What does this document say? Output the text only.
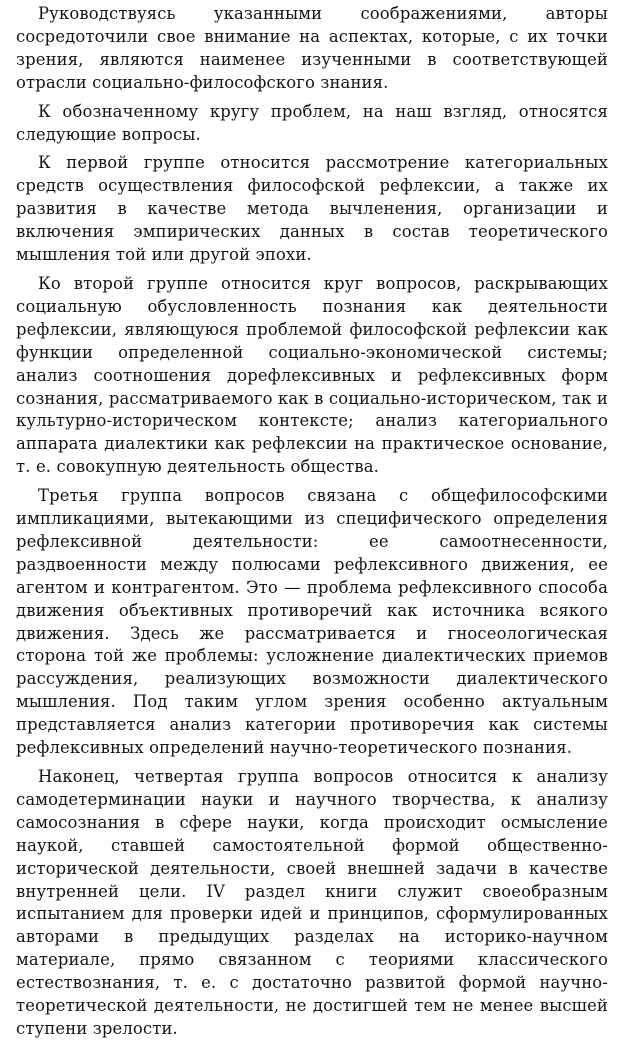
Руководствуясь указанными соображениями, авторы сосредоточили свое внимание на аспектах, которые, с их точки зрения, являются наименее изученными в соответствующей отрасли социально-философского знания.

К обозначенному кругу проблем, на наш взгляд, относятся следующие вопросы.

К первой группе относится рассмотрение категориальных средств осуществления философской рефлексии, а также их развития в качестве метода вычленения, организации и включения эмпирических данных в состав теоретического мышления той или другой эпохи.

Ко второй группе относится круг вопросов, раскрывающих социальную обусловленность познания как деятельности рефлексии, являющуюся проблемой философской рефлексии как функции определенной социально-экономической системы; анализ соотношения дорефлексивных и рефлексивных форм сознания, рассматриваемого как в социально-историческом, так и культурно-историческом контексте; анализ категориального аппарата диалектики как рефлексии на практическое основание, т. е. совокупную деятельность общества.

Третья группа вопросов связана с общефилософскими импликациями, вытекающими из специфического определения рефлексивной деятельности: ее самоотнесенности, раздвоенности между полюсами рефлексивного движения, ее агентом и контрагентом. Это — проблема рефлексивного способа движения объективных противоречий как источника всякого движения. Здесь же рассматривается и гносеологическая сторона той же проблемы: усложнение диалектических приемов рассуждения, реализующих возможности диалектического мышления. Под таким углом зрения особенно актуальным представляется анализ категории противоречия как системы рефлексивных определений научно-теоретического познания.

Наконец, четвертая группа вопросов относится к анализу самодетерминации науки и научного творчества, к анализу самосознания в сфере науки, когда происходит осмысление наукой, ставшей самостоятельной формой общественно-исторической деятельности, своей внешней задачи в качестве внутренней цели. IV раздел книги служит своеобразным испытанием для проверки идей и принципов, сформулированных авторами в предыдущих разделах на историко-научном материале, прямо связанном с теориями классического естествознания, т. е. с достаточно развитой формой научно-теоретической деятельности, не достигшей тем не менее высшей ступени зрелости.
